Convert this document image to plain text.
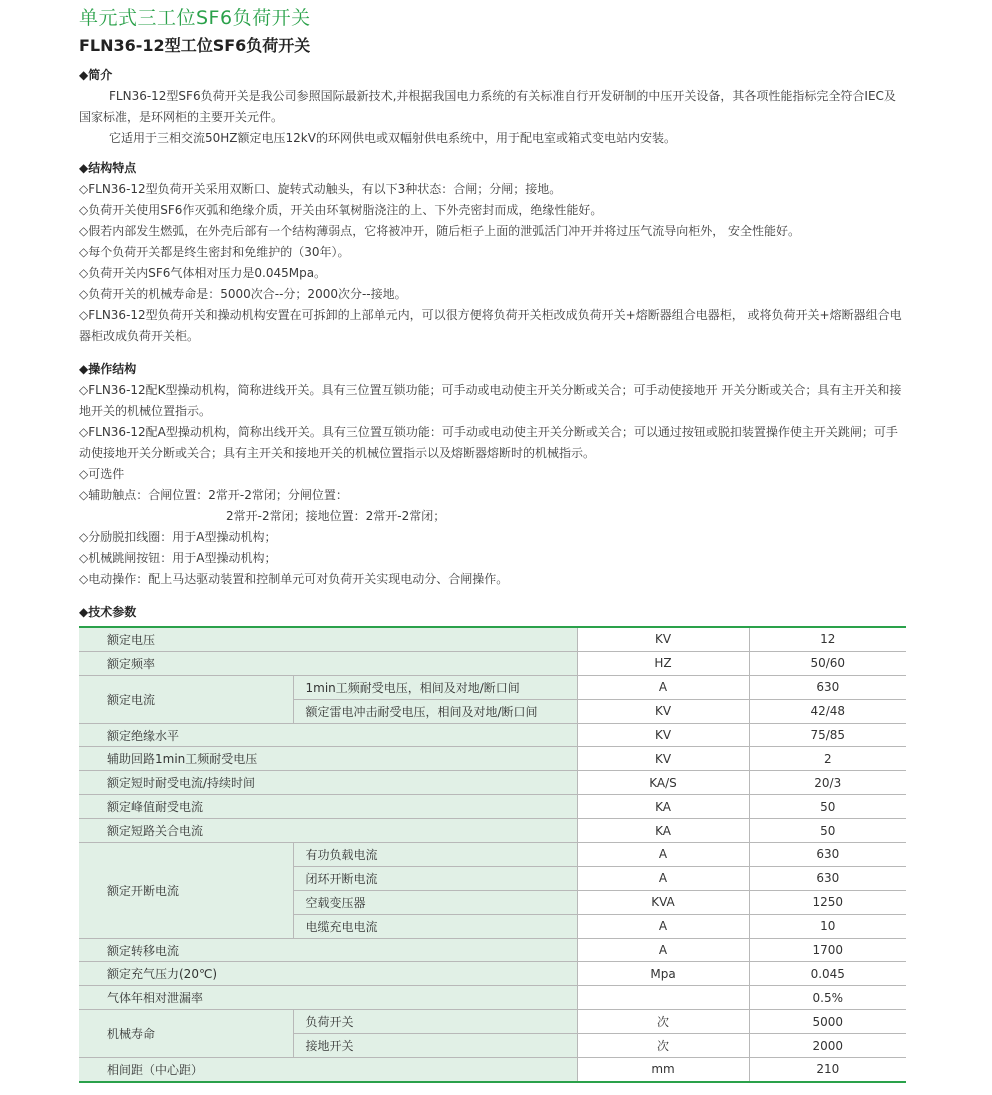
单元式三工位SF6负荷开关
FLN36-12型工位SF6负荷开关

◆简介

FLN36-12型SF6负荷开关是我公司参照国际最新技术,并根据我国电力系统的有关标准自行开发研制的中压开关设备，其各项性能指标完全符合IEC及国家标准，是环网柜的主要开关元件。

它适用于三相交流50HZ额定电压12kV的环网供电或双幅射供电系统中，用于配电室或箱式变电站内安装。

◆结构特点

◇FLN36-12型负荷开关采用双断口、旋转式动触头，有以下3种状态：合闸；分闸；接地。

◇负荷开关使用SF6作灭弧和绝缘介质，开关由环氧树脂浇注的上、下外壳密封而成，绝缘性能好。

◇假若内部发生燃弧，在外壳后部有一个结构薄弱点，它将被冲开，随后柜子上面的泄弧活门冲开并将过压气流导向柜外， 安全性能好。

◇每个负荷开关都是终生密封和免维护的（30年）。

◇负荷开关内SF6气体相对压力是0.045Mpa。

◇负荷开关的机械寿命是：5000次合--分；2000次分--接地。

◇FLN36-12型负荷开关和操动机构安置在可拆卸的上部单元内，可以很方便将负荷开关柜改成负荷开关+熔断器组合电器柜， 或将负荷开关+熔断器组合电器柜改成负荷开关柜。

◆操作结构

◇FLN36-12配K型操动机构，简称进线开关。具有三位置互锁功能；可手动或电动使主开关分断或关合；可手动使接地开 开关分断或关合；具有主开关和接地开关的机械位置指示。

◇FLN36-12配A型操动机构，简称出线开关。具有三位置互锁功能：可手动或电动使主开关分断或关合；可以通过按钮或脱扣装置操作使主开关跳闸；可手动使接地开关分断或关合；具有主开关和接地开关的机械位置指示以及熔断器熔断时的机械指示。

◇可选件

◇辅助触点：合闸位置：2常开-2常闭；分闸位置：

2常开-2常闭；接地位置：2常开-2常闭；

◇分励脱扣线圈：用于A型操动机构；

◇机械跳闸按钮：用于A型操动机构；

◇电动操作：配上马达驱动装置和控制单元可对负荷开关实现电动分、合闸操作。

◆技术参数

额定电压		KV	12
额定频率		HZ	50/60
额定电流	1min工频耐受电压，相间及对地/断口间	A	630
	额定雷电冲击耐受电压，相间及对地/断口间	KV	42/48
额定绝缘水平		KV	75/85
辅助回路1min工频耐受电压		KV	2
额定短时耐受电流/持续时间		KA/S	20/3
额定峰值耐受电流		KA	50
额定短路关合电流		KA	50
额定开断电流	有功负载电流	A	630
	闭环开断电流	A	630
	空载变压器	KVA	1250
	电缆充电电流	A	10
额定转移电流		A	1700
额定充气压力(20℃)		Mpa	0.045
气体年相对泄漏率			0.5%
机械寿命	负荷开关	次	5000
	接地开关	次	2000
相间距（中心距）		mm	210
